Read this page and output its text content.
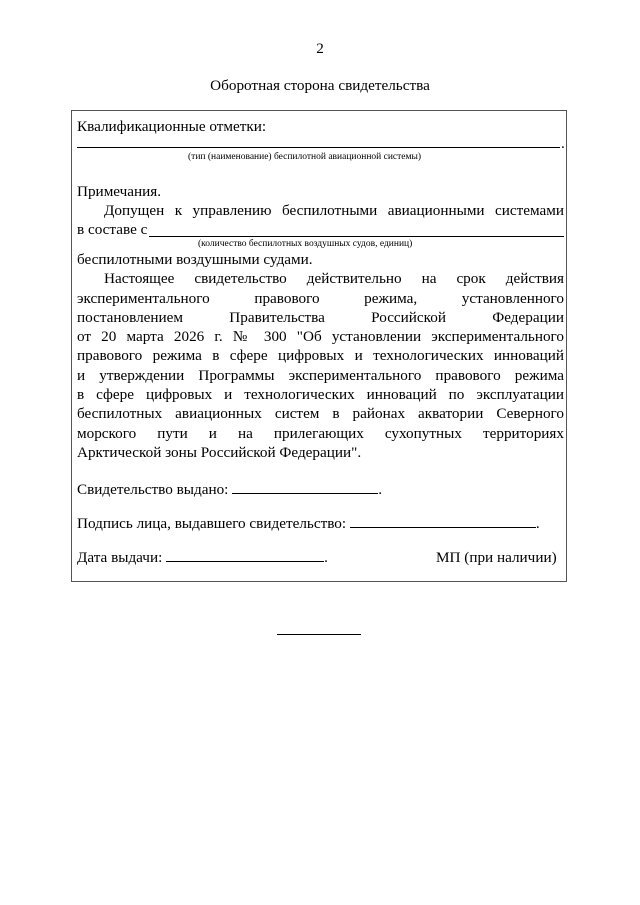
2
Оборотная сторона свидетельства
Квалификационные отметки:
.
(тип (наименование) беспилотной авиационной системы)
Примечания.
Допущен к управлению беспилотными авиационными системами
в составе с
(количество беспилотных воздушных судов, единиц)
беспилотными воздушными судами.
Настоящее свидетельство действительно на срок действия
экспериментального правового режима, установленного
постановлением Правительства Российской Федерации
от 20 марта 2026 г. № 300 "Об установлении экспериментального
правового режима в сфере цифровых и технологических инноваций
и утверждении Программы экспериментального правового режима
в сфере цифровых и технологических инноваций по эксплуатации
беспилотных авиационных систем в районах акватории Северного
морского пути и на прилегающих сухопутных территориях
Арктической зоны Российской Федерации".
Свидетельство выдано:	.
Подпись лица, выдавшего свидетельство:	.
Дата выдачи:	.	МП (при наличии)
